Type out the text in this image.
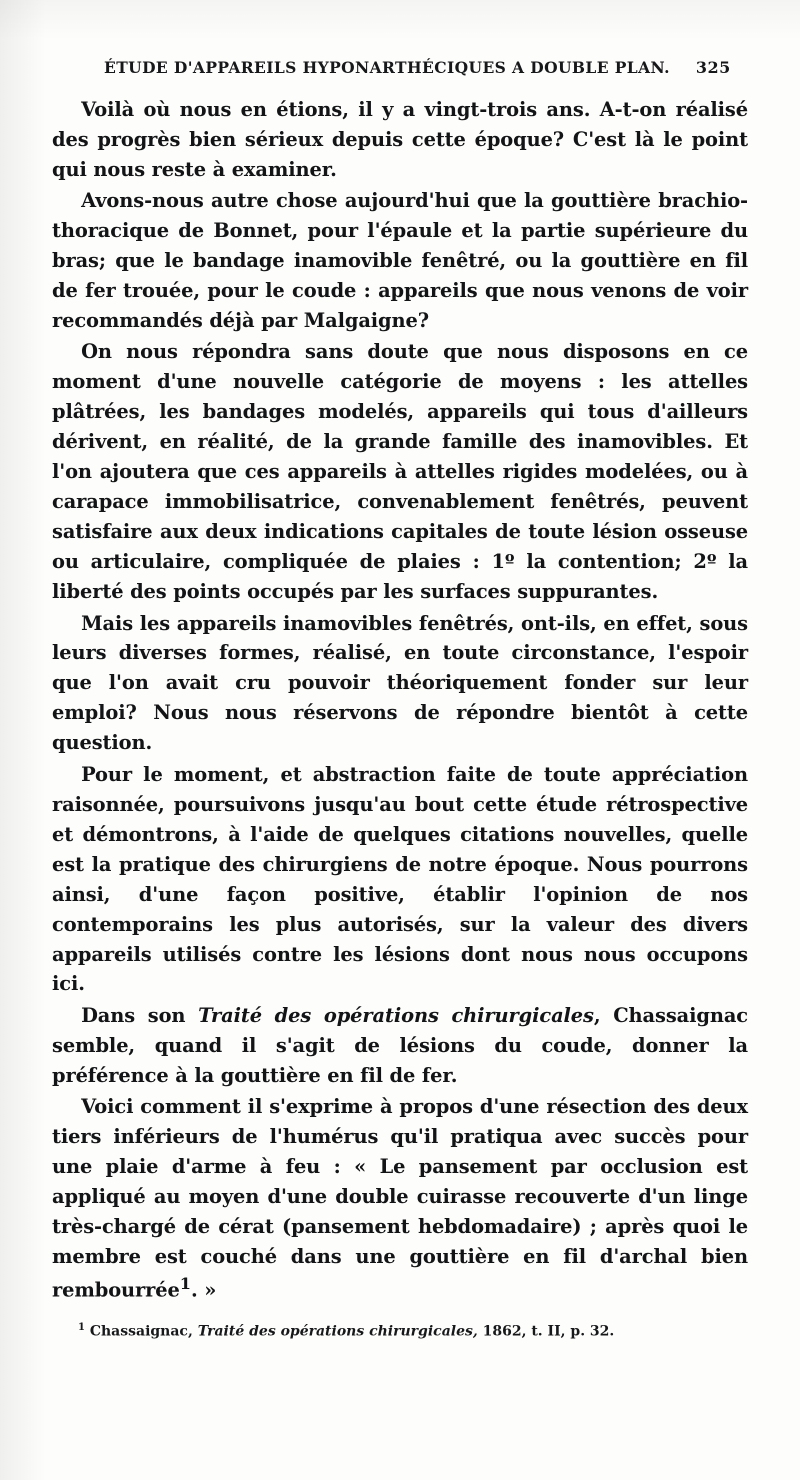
ÉTUDE D'APPAREILS HYPONARTHÉCIQUES A DOUBLE PLAN. 325

Voilà où nous en étions, il y a vingt-trois ans. A-t-on réalisé des progrès bien sérieux depuis cette époque? C'est là le point qui nous reste à examiner.

Avons-nous autre chose aujourd'hui que la gouttière brachio-thoracique de Bonnet, pour l'épaule et la partie supérieure du bras; que le bandage inamovible fenêtré, ou la gouttière en fil de fer trouée, pour le coude : appareils que nous venons de voir recommandés déjà par Malgaigne?

On nous répondra sans doute que nous disposons en ce moment d'une nouvelle catégorie de moyens : les attelles plâtrées, les bandages modelés, appareils qui tous d'ailleurs dérivent, en réalité, de la grande famille des inamovibles. Et l'on ajoutera que ces appareils à attelles rigides modelées, ou à carapace immobilisatrice, convenablement fenêtrés, peuvent satisfaire aux deux indications capitales de toute lésion osseuse ou articulaire, compliquée de plaies : 1º la contention; 2º la liberté des points occupés par les surfaces suppurantes.

Mais les appareils inamovibles fenêtrés, ont-ils, en effet, sous leurs diverses formes, réalisé, en toute circonstance, l'espoir que l'on avait cru pouvoir théoriquement fonder sur leur emploi? Nous nous réservons de répondre bientôt à cette question.

Pour le moment, et abstraction faite de toute appréciation raisonnée, poursuivons jusqu'au bout cette étude rétrospective et démontrons, à l'aide de quelques citations nouvelles, quelle est la pratique des chirurgiens de notre époque. Nous pourrons ainsi, d'une façon positive, établir l'opinion de nos contemporains les plus autorisés, sur la valeur des divers appareils utilisés contre les lésions dont nous nous occupons ici.

Dans son Traité des opérations chirurgicales, Chassaignac semble, quand il s'agit de lésions du coude, donner la préférence à la gouttière en fil de fer.

Voici comment il s'exprime à propos d'une résection des deux tiers inférieurs de l'humérus qu'il pratiqua avec succès pour une plaie d'arme à feu : « Le pansement par occlusion est appliqué au moyen d'une double cuirasse recouverte d'un linge très-chargé de cérat (pansement hebdomadaire) ; après quoi le membre est couché dans une gouttière en fil d'archal bien rembourrée$^1$. »

$^1$ Chassaignac, Traité des opérations chirurgicales, 1862, t. II, p. 32.
